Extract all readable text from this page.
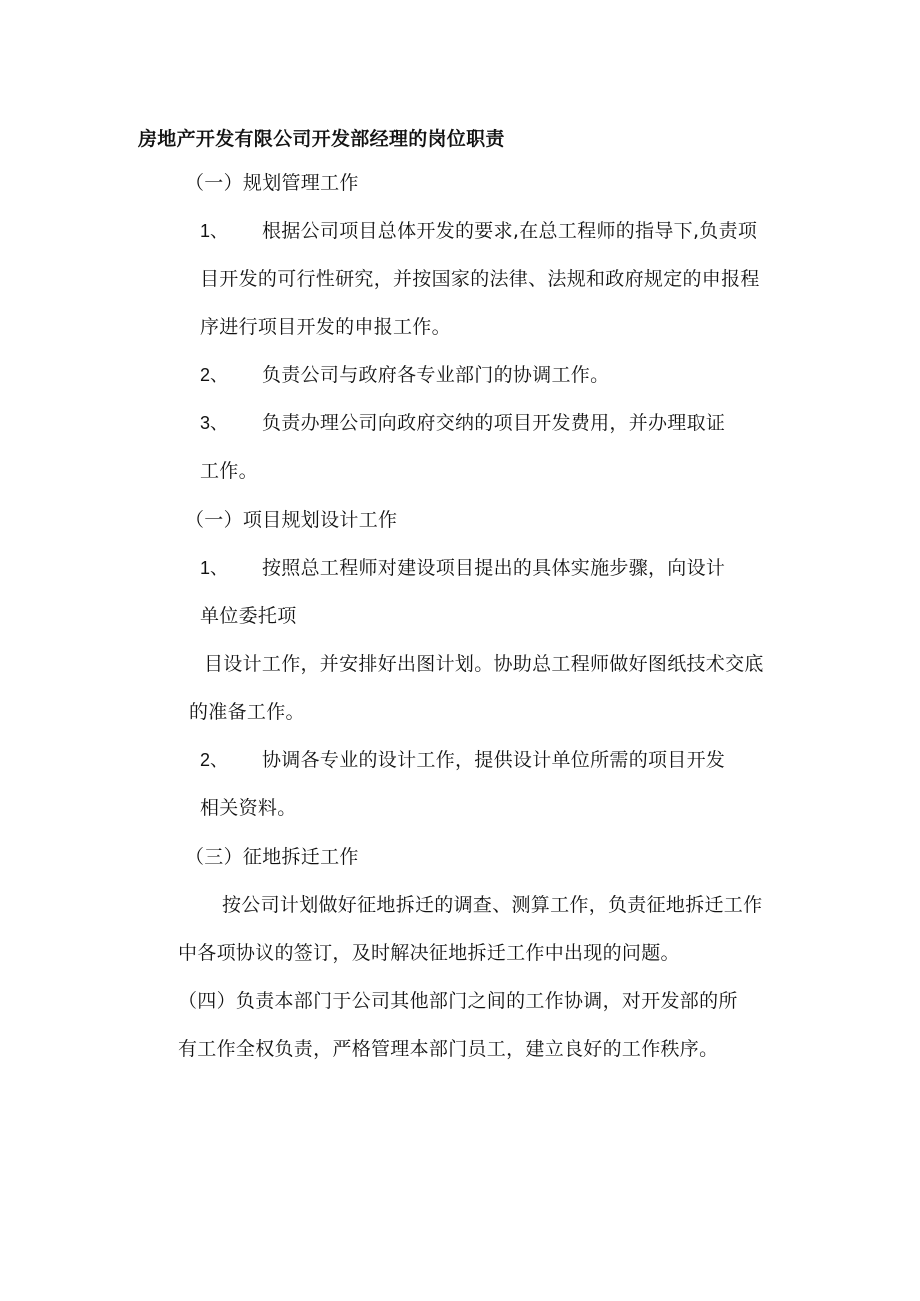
房地产开发有限公司开发部经理的岗位职责
（一）规划管理工作
1、 根据公司项目总体开发的要求,在总工程师的指导下,负责项
目开发的可行性研究，并按国家的法律、法规和政府规定的申报程
序进行项目开发的申报工作。
2、 负责公司与政府各专业部门的协调工作。
3、 负责办理公司向政府交纳的项目开发费用，并办理取证
工作。
（一）项目规划设计工作
1、 按照总工程师对建设项目提出的具体实施步骤，向设计
单位委托项
目设计工作，并安排好出图计划。协助总工程师做好图纸技术交底
的准备工作。
2、 协调各专业的设计工作，提供设计单位所需的项目开发
相关资料。
（三）征地拆迁工作
按公司计划做好征地拆迁的调查、测算工作，负责征地拆迁工作
中各项协议的签订，及时解决征地拆迁工作中出现的问题。
（四）负责本部门于公司其他部门之间的工作协调，对开发部的所
有工作全权负责，严格管理本部门员工，建立良好的工作秩序。
